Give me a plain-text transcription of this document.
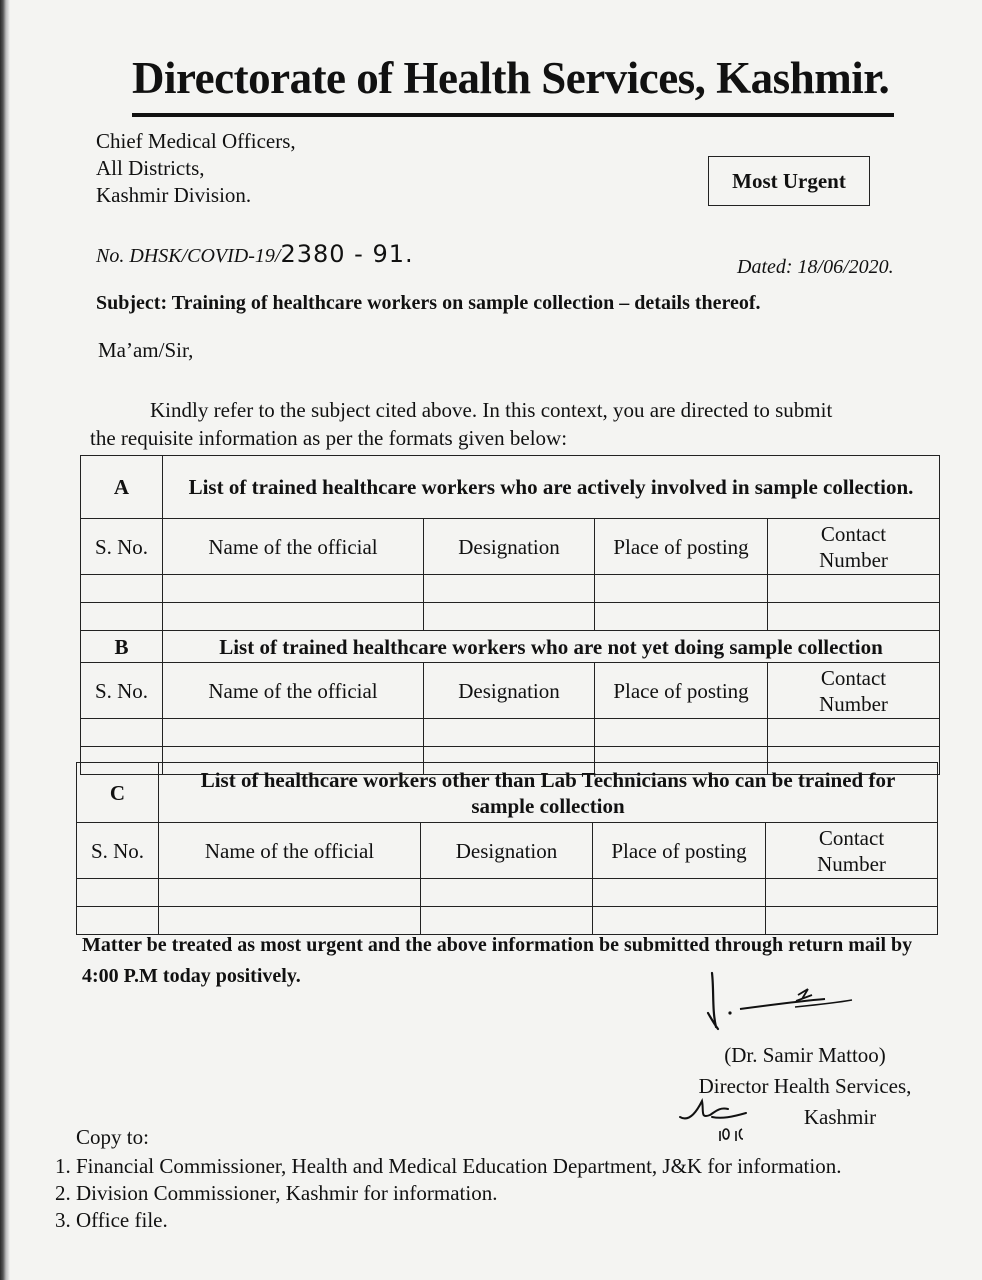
Directorate of Health Services, Kashmir.
Chief Medical Officers,
All Districts,
Kashmir Division.
Most Urgent
No. DHSK/COVID-19/2380 - 91.	Dated: 18/06/2020.
Subject: Training of healthcare workers on sample collection – details thereof.
Ma’am/Sir,
Kindly refer to the subject cited above. In this context, you are directed to submit
the requisite information as per the formats given below:
A	List of trained healthcare workers who are actively involved in sample collection.			
S. No.	Name of the official	Designation	Place of posting	Contact Number

B	List of trained healthcare workers who are not yet doing sample collection			
S. No.	Name of the official	Designation	Place of posting	Contact Number

C	List of healthcare workers other than Lab Technicians who can be trained for sample collection			
S. No.	Name of the official	Designation	Place of posting	Contact Number

Matter be treated as most urgent and the above information be submitted through return mail by 4:00 P.M today positively.
(Dr. Samir Mattoo)
Director Health Services,
Kashmir
Copy to:
1. Financial Commissioner, Health and Medical Education Department, J&K for information.
2. Division Commissioner, Kashmir for information.
3. Office file.
